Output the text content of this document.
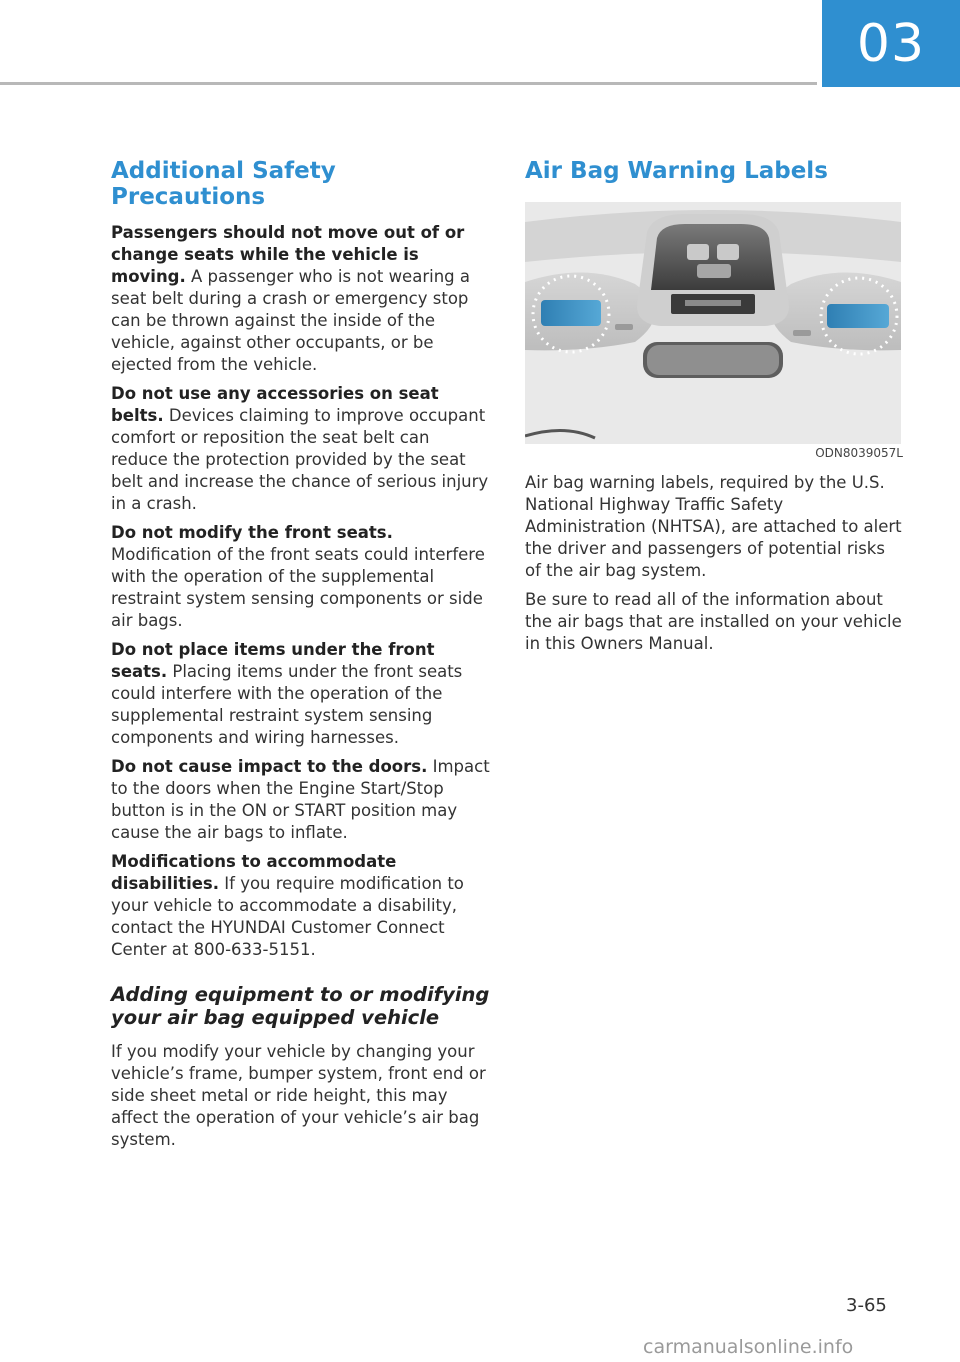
03
Additional Safety Precautions

Passengers should not move out of or change seats while the vehicle is moving. A passenger who is not wearing a seat belt during a crash or emergency stop can be thrown against the inside of the vehicle, against other occupants, or be ejected from the vehicle.

Do not use any accessories on seat belts. Devices claiming to improve occupant comfort or reposition the seat belt can reduce the protection provided by the seat belt and increase the chance of serious injury in a crash.

Do not modify the front seats. Modification of the front seats could interfere with the operation of the supplemental restraint system sensing components or side air bags.

Do not place items under the front seats. Placing items under the front seats could interfere with the operation of the supplemental restraint system sensing components and wiring harnesses.

Do not cause impact to the doors. Impact to the doors when the Engine Start/Stop button is in the ON or START position may cause the air bags to inflate.

Modifications to accommodate disabilities. If you require modification to your vehicle to accommodate a disability, contact the HYUNDAI Customer Connect Center at 800-633-5151.

Adding equipment to or modifying your air bag equipped vehicle

If you modify your vehicle by changing your vehicle’s frame, bumper system, front end or side sheet metal or ride height, this may affect the operation of your vehicle’s air bag system.

Air Bag Warning Labels
ODN8039057L

Air bag warning labels, required by the U.S. National Highway Traffic Safety Administration (NHTSA), are attached to alert the driver and passengers of potential risks of the air bag system.

Be sure to read all of the information about the air bags that are installed on your vehicle in this Owners Manual.

3-65
carmanualsonline.info
